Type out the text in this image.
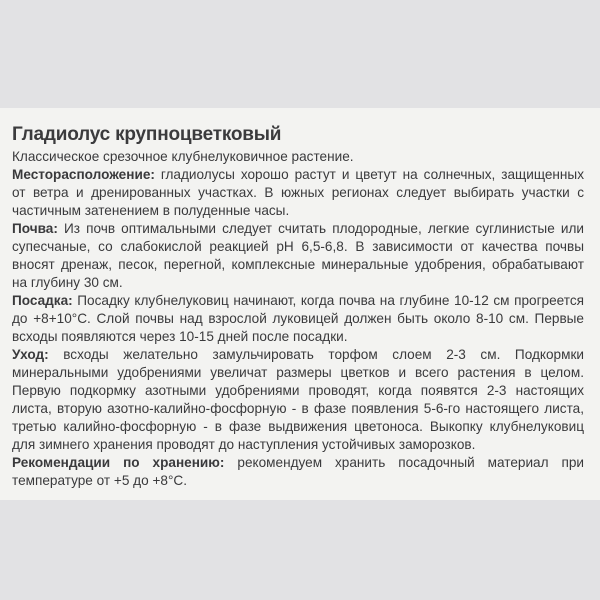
Гладиолус крупноцветковый

Классическое срезочное клубнелуковичное растение.

Месторасположение: гладиолусы хорошо растут и цветут на солнечных, защищенных от ветра и дренированных участках. В южных регионах следует выбирать участки с частичным затенением в полуденные часы.

Почва: Из почв оптимальными следует считать плодородные, легкие суглинистые или супесчаные, со слабокислой реакцией pH 6,5-6,8. В зависимости от качества почвы вносят дренаж, песок, перегной, комплексные минеральные удобрения, обрабатывают на глубину 30 см.

Посадка: Посадку клубнелуковиц начинают, когда почва на глубине 10-12 см прогреется до +8+10°С. Слой почвы над взрослой луковицей должен быть около 8-10 см. Первые всходы появляются через 10-15 дней после посадки.

Уход: всходы желательно замульчировать торфом слоем 2-3 см. Подкормки минеральными удобрениями увеличат размеры цветков и всего растения в целом. Первую подкормку азотными удобрениями проводят, когда появятся 2-3 настоящих листа, вторую азотно-калийно-фосфорную - в фазе появления 5-6-го настоящего листа, третью калийно-фосфорную - в фазе выдвижения цветоноса. Выкопку клубнелуковиц для зимнего хранения проводят до наступления устойчивых заморозков.

Рекомендации по хранению: рекомендуем хранить посадочный материал при температуре от +5 до +8°С.
